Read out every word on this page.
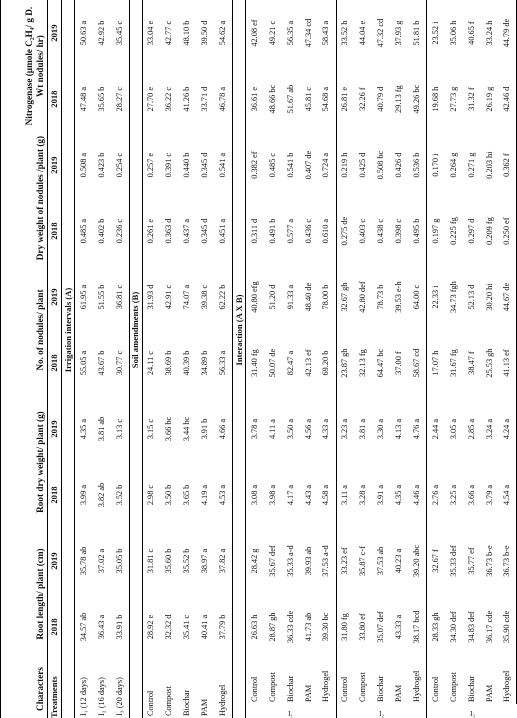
Characters		Root length/ plant (cm)		Root dry weight/ plant (g)		No. of nodules/ plant		Dry weight of nodules /plant (g)		Nitrogenase (µmole C₂H₄/ g D. Wt nodules/ hr)	
Treatments		2018	2019	2018	2019	2018	2019	2018	2019	2018	2019
		Irrigation intervals (A)									
I₁ (12 days)		34.57 ab	35.78 ab	3.99 a	4.35 a	55.05 a	61.95 a	0.485 a	0.508 a	47.48 a	50.63 a
I₂ (16 days)		36.43 a	37.02 a	3.82 ab	3.81 ab	43.67 b	51.55 b	0.402 b	0.423 b	35.65 b	42.92 b
I₃ (20 days)		33.91 b	35.05 b	3.52 b	3.13 c	30.77 c	36.81 c	0.236 c	0.254 c	28.27 c	35.45 c
		Soil amendments (B)									
Control		28.92 e	31.81 c	2.98 c	3.15 c	24.11 c	31.93 d	0.261 e	0.257 e	27.70 e	33.04 e
Compost		32.32 d	35.60 b	3.50 b	3.66 bc	38.69 b	42.91 c	0.363 d	0.391 c	36.22 c	42.77 c
Biochar		35.41 c	35.52 b	3.65 b	3.44 bc	40.39 b	74.07 a	0.437 a	0.440 b	41.26 b	48.10 b
PAM		40.41 a	38.97 a	4.19 a	3.91 b	34.89 b	39.38 c	0.345 d	0.345 d	33.71 d	39.50 d
Hydrogel		37.79 b	37.82 a	4.53 a	4.66 a	56.33 a	62.22 b	0.451 a	0.541 a	46.78 a	54.62 a
		Interaction (A X B)									
I₁	Control	26.63 h	28.42 g	3.08 a	3.78 a	31.40 fg	40.80 efg	0.311 d	0.382 ef	36.61 e	42.08 ef
	Compost	28.87 gh	35.67 def	3.98 a	4.11 a	50.07 de	51.20 d	0.491 b	0.485 c	48.66 bc	49.21 c
	Biochar	36.33 cde	35.33 a-d	4.17 a	3.50 a	82.47 a	91.33 a	0.577 a	0.541 b	51.67 ab	56.35 a
	PAM	41.73 ab	39.93 ab	4.43 a	4.56 a	42.13 ef	48.40 de	0.436 c	0.407 de	45.81 c	47.34 cd
	Hydrogel	39.30 bc	37.53 a-d	4.58 a	4.33 a	69.20 b	78.00 b	0.610 a	0.724 a	54.68 a	58.43 a
I₂	Control	31.80 fg	33.23 ef	3.11 a	3.23 a	23.87 gh	32.67 gh	0.275 de	0.219 h	26.81 e	33.52 h
	Compost	33.80 ef	35.87 c-f	3.28 a	3.81 a	32.13 fg	42.80 def	0.403 c	0.425 d	32.26 f	44.04 e
	Biochar	35.07 def	37.53 ab	3.91 a	3.30 a	64.47 bc	78.73 b	0.438 c	0.508 bc	40.79 d	47.32 cd
	PAM	43.33 a	40.23 a	4.35 a	4.13 a	37.00 f	39.53 e-h	0.398 c	0.426 d	29.13 fg	37.93 g
	Hydrogel	38.17 bcd	39.20 abc	4.46 a	4.76 a	58.67 cd	64.00 c	0.495 b	0.536 b	49.26 bc	51.81 b
I₃	Control	28.33 gh	32.67 f	2.76 a	2.44 a	17.07 h	22.33 i	0.197 g	0.170 i	19.68 h	23.52 i
	Compost	34.30 def	35.33 def	3.25 a	3.05 a	31.67 fg	34.73 fgh	0.225 fg	0.264 g	27.73 g	35.06 h
	Biochar	34.83 def	35.77 ef	3.66 a	2.85 a	38.47 f	52.13 d	0.297 d	0.271 g	31.32 f	40.65 f
	PAM	36.17 cde	36.73 b-e	3.79 a	3.24 a	25.53 gh	30.20 hi	0.209 fg	0.203 hi	26.19 g	33.24 h
	Hydrogel	35.90 cde	36.73 b-e	4.54 a	4.24 a	41.13 ef	44.67 de	0.250 ef	0.362 f	42.46 d	44.79 de
